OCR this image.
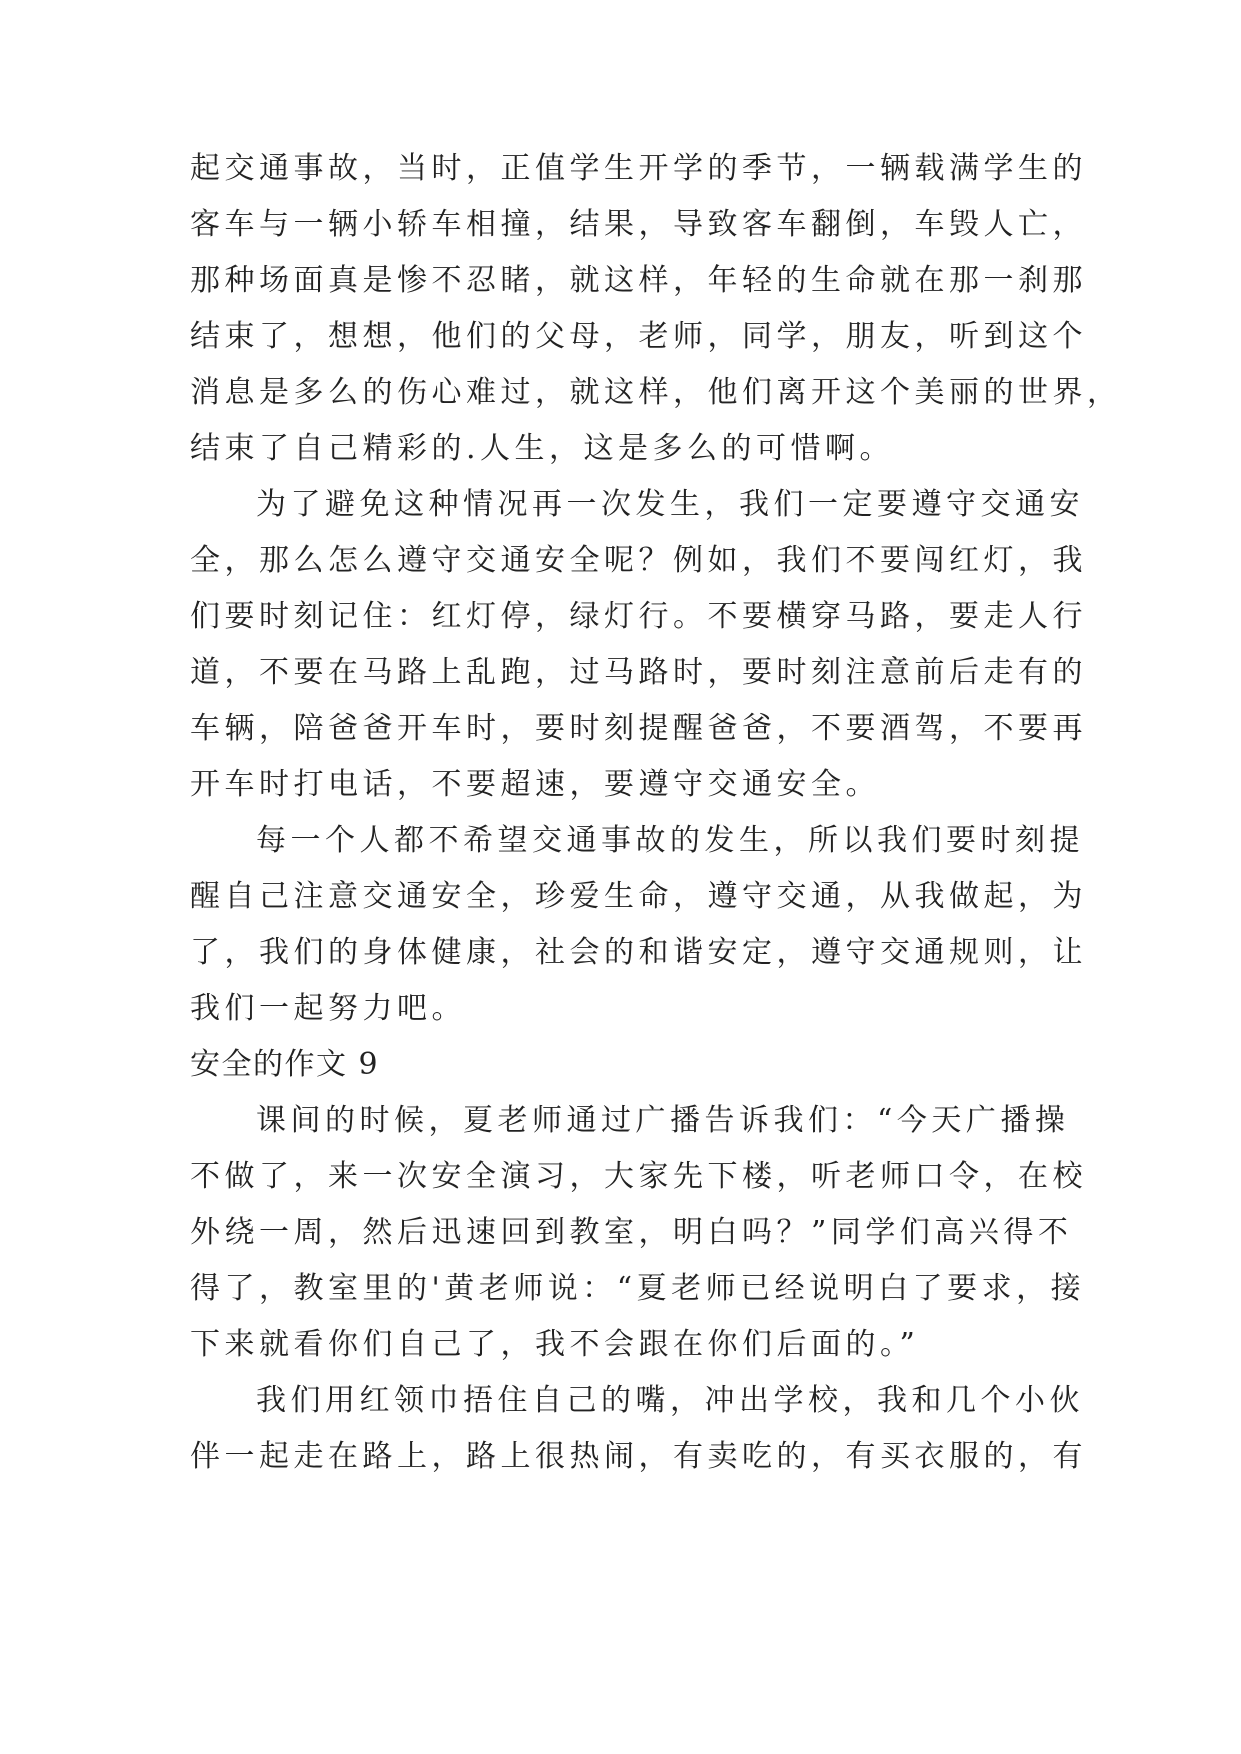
起交通事故，当时，正值学生开学的季节，一辆载满学生的
客车与一辆小轿车相撞，结果，导致客车翻倒，车毁人亡，
那种场面真是惨不忍睹，就这样，年轻的生命就在那一刹那
结束了，想想，他们的父母，老师，同学，朋友，听到这个
消息是多么的伤心难过，就这样，他们离开这个美丽的世界，
结束了自己精彩的.人生，这是多么的可惜啊。
为了避免这种情况再一次发生，我们一定要遵守交通安
全，那么怎么遵守交通安全呢？例如，我们不要闯红灯，我
们要时刻记住：红灯停，绿灯行。不要横穿马路，要走人行
道，不要在马路上乱跑，过马路时，要时刻注意前后走有的
车辆，陪爸爸开车时，要时刻提醒爸爸，不要酒驾，不要再
开车时打电话，不要超速，要遵守交通安全。
每一个人都不希望交通事故的发生，所以我们要时刻提
醒自己注意交通安全，珍爱生命，遵守交通，从我做起，为
了，我们的身体健康，社会的和谐安定，遵守交通规则，让
我们一起努力吧。
安全的作文 9
课间的时候，夏老师通过广播告诉我们：“今天广播操
不做了，来一次安全演习，大家先下楼，听老师口令，在校
外绕一周，然后迅速回到教室，明白吗？”同学们高兴得不
得了，教室里的'黄老师说：“夏老师已经说明白了要求，接
下来就看你们自己了，我不会跟在你们后面的。”
我们用红领巾捂住自己的嘴，冲出学校，我和几个小伙
伴一起走在路上，路上很热闹，有卖吃的，有买衣服的，有
